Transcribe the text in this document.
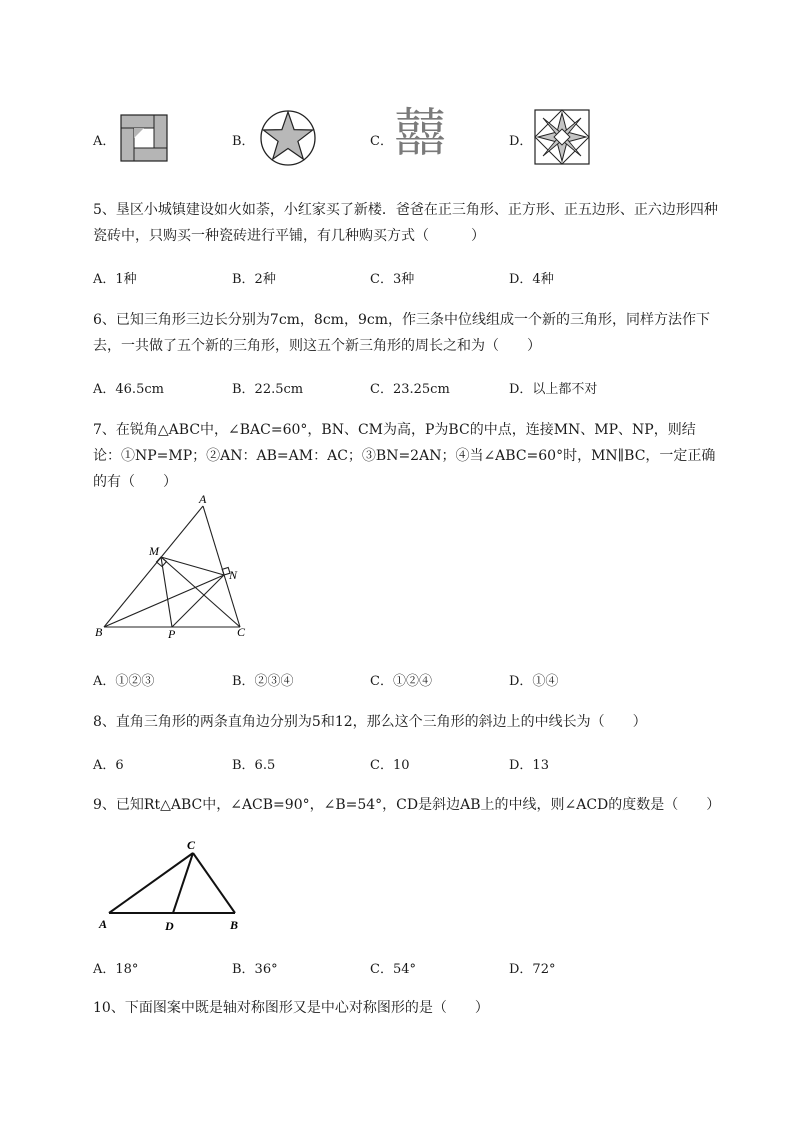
A．	B．	C． 囍	D．
5、垦区小城镇建设如火如荼，小红家买了新楼．爸爸在正三角形、正方形、正五边形、正六边形四种瓷砖中，只购买一种瓷砖进行平铺，有几种购买方式（　　　）
A．1种	B．2种	C．3种	D．4种
6、已知三角形三边长分别为7cm，8cm，9cm，作三条中位线组成一个新的三角形，同样方法作下去，一共做了五个新的三角形，则这五个新三角形的周长之和为（　　）
A．46.5cm	B．22.5cm	C．23.25cm	D．以上都不对
7、在锐角△ABC中，∠BAC=60°，BN、CM为高，P为BC的中点，连接MN、MP、NP，则结论：①NP=MP；②AN：AB=AM：AC；③BN=2AN；④当∠ABC=60°时，MN∥BC，一定正确的有（　　）
A
B	C
M
N
P
A．①②③	B．②③④	C．①②④	D．①④
8、直角三角形的两条直角边分别为5和12，那么这个三角形的斜边上的中线长为（　　）
A．6	B．6.5	C．10	D．13
9、已知Rt△ABC中，∠ACB=90°，∠B=54°，CD是斜边AB上的中线，则∠ACD的度数是（　　）
C
A	D	B
A．18°	B．36°	C．54°	D．72°
10、下面图案中既是轴对称图形又是中心对称图形的是（　　）
